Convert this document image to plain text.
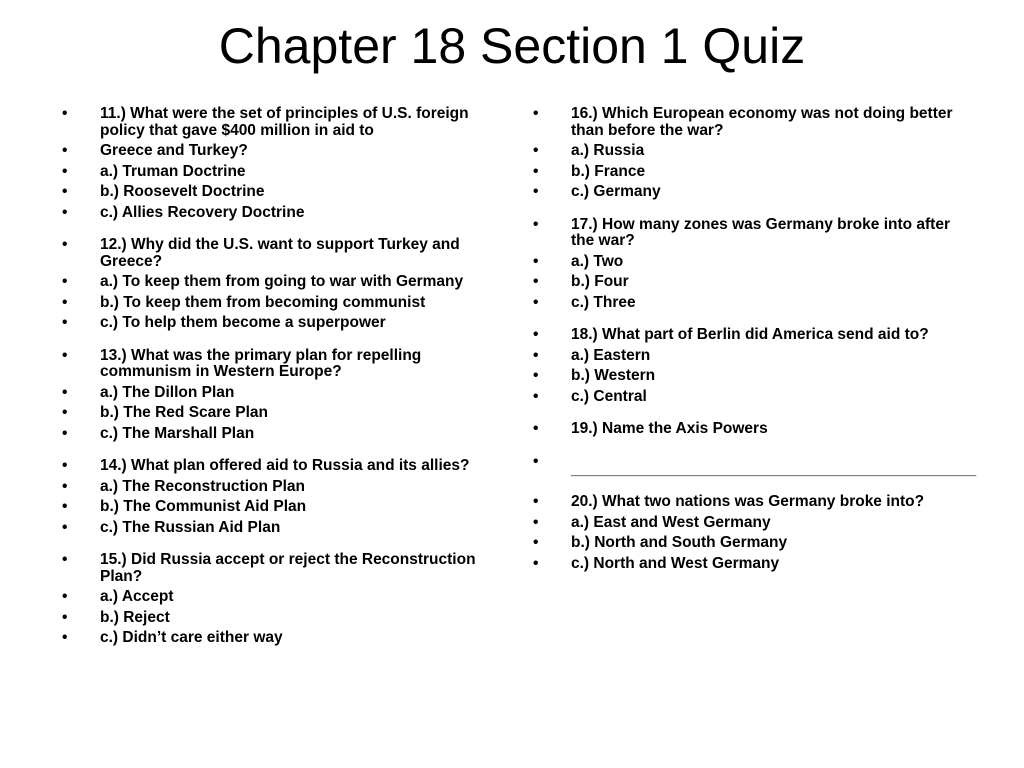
Chapter 18 Section 1 Quiz
• 11.) What were the set of principles of U.S. foreign policy that gave $400 million in aid to
• Greece and Turkey?
• a.) Truman Doctrine
• b.) Roosevelt Doctrine
• c.) Allies Recovery Doctrine
• 12.) Why did the U.S. want to support Turkey and Greece?
• a.) To keep them from going to war with Germany
• b.) To keep them from becoming communist
• c.) To help them become a superpower
• 13.) What was the primary plan for repelling communism in Western Europe?
• a.) The Dillon Plan
• b.) The Red Scare Plan
• c.) The Marshall Plan
• 14.) What plan offered aid to Russia and its allies?
• a.) The Reconstruction Plan
• b.) The Communist Aid Plan
• c.) The Russian Aid Plan
• 15.) Did Russia accept or reject the Reconstruction Plan?
• a.) Accept
• b.) Reject
• c.) Didn’t care either way
• 16.) Which European economy was not doing better than before the war?
• a.) Russia
• b.) France
• c.) Germany
• 17.) How many zones was Germany broke into after the war?
• a.) Two
• b.) Four
• c.) Three
• 18.) What part of Berlin did America send aid to?
• a.) Eastern
• b.) Western
• c.) Central
• 19.) Name the Axis Powers
• _______________________________________________
• 20.) What two nations was Germany broke into?
• a.) East and West Germany
• b.) North and South Germany
• c.) North and West Germany
